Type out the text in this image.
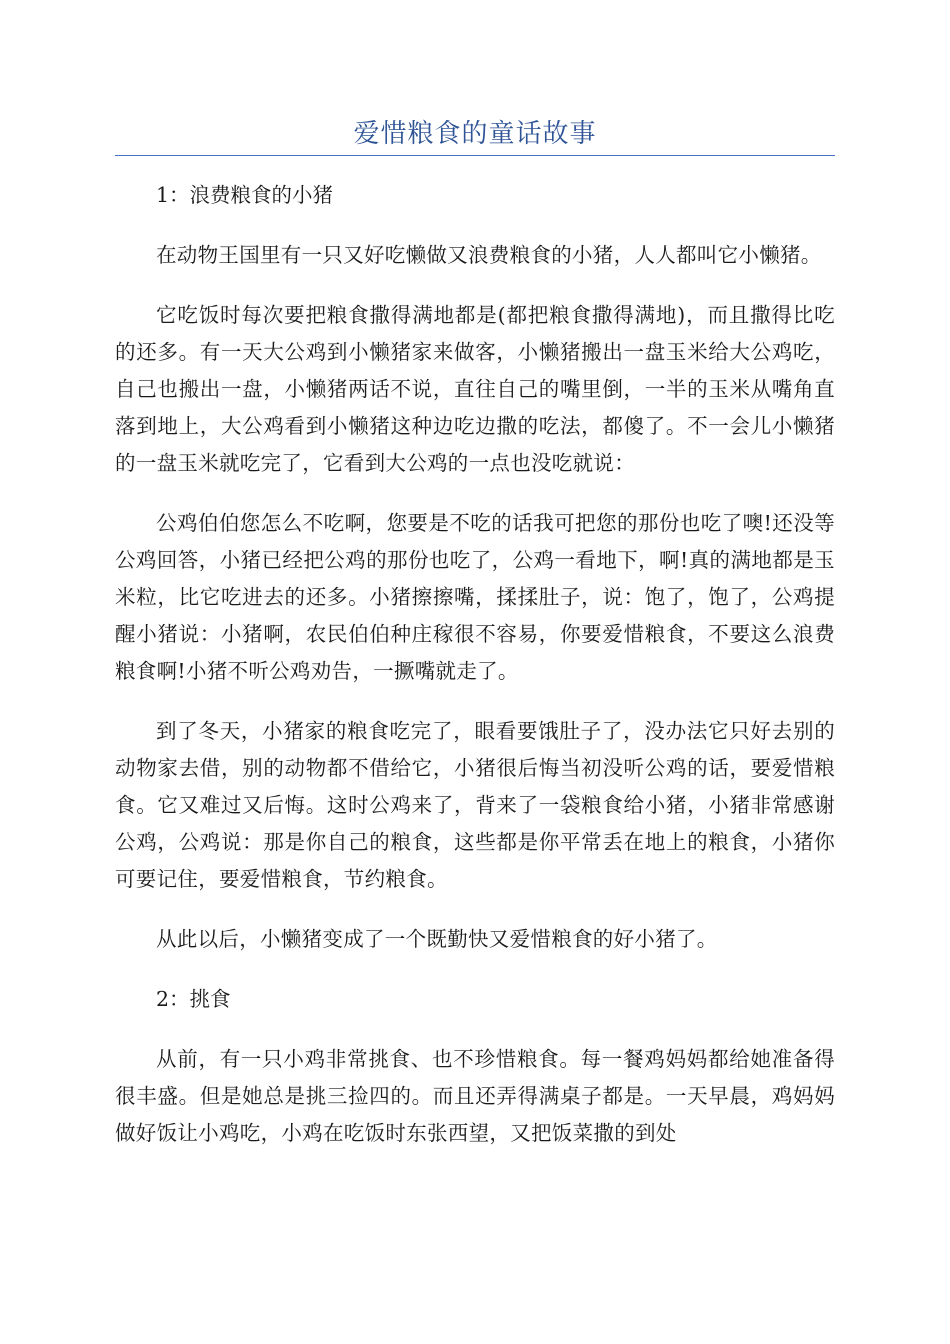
爱惜粮食的童话故事

1：浪费粮食的小猪

在动物王国里有一只又好吃懒做又浪费粮食的小猪，人人都叫它小懒猪。

它吃饭时每次要把粮食撒得满地都是(都把粮食撒得满地)，而且撒得比吃的还多。有一天大公鸡到小懒猪家来做客，小懒猪搬出一盘玉米给大公鸡吃，自己也搬出一盘，小懒猪两话不说，直往自己的嘴里倒，一半的玉米从嘴角直落到地上，大公鸡看到小懒猪这种边吃边撒的吃法，都傻了。不一会儿小懒猪的一盘玉米就吃完了，它看到大公鸡的一点也没吃就说：

公鸡伯伯您怎么不吃啊，您要是不吃的话我可把您的那份也吃了噢!还没等公鸡回答，小猪已经把公鸡的那份也吃了，公鸡一看地下，啊!真的满地都是玉米粒，比它吃进去的还多。小猪擦擦嘴，揉揉肚子，说：饱了，饱了，公鸡提醒小猪说：小猪啊，农民伯伯种庄稼很不容易，你要爱惜粮食，不要这么浪费粮食啊!小猪不听公鸡劝告，一撅嘴就走了。

到了冬天，小猪家的粮食吃完了，眼看要饿肚子了，没办法它只好去别的动物家去借，别的动物都不借给它，小猪很后悔当初没听公鸡的话，要爱惜粮食。它又难过又后悔。这时公鸡来了，背来了一袋粮食给小猪，小猪非常感谢公鸡，公鸡说：那是你自己的粮食，这些都是你平常丢在地上的粮食，小猪你可要记住，要爱惜粮食，节约粮食。

从此以后，小懒猪变成了一个既勤快又爱惜粮食的好小猪了。

2：挑食

从前，有一只小鸡非常挑食、也不珍惜粮食。每一餐鸡妈妈都给她准备得很丰盛。但是她总是挑三捡四的。而且还弄得满桌子都是。一天早晨，鸡妈妈做好饭让小鸡吃，小鸡在吃饭时东张西望，又把饭菜撒的到处
